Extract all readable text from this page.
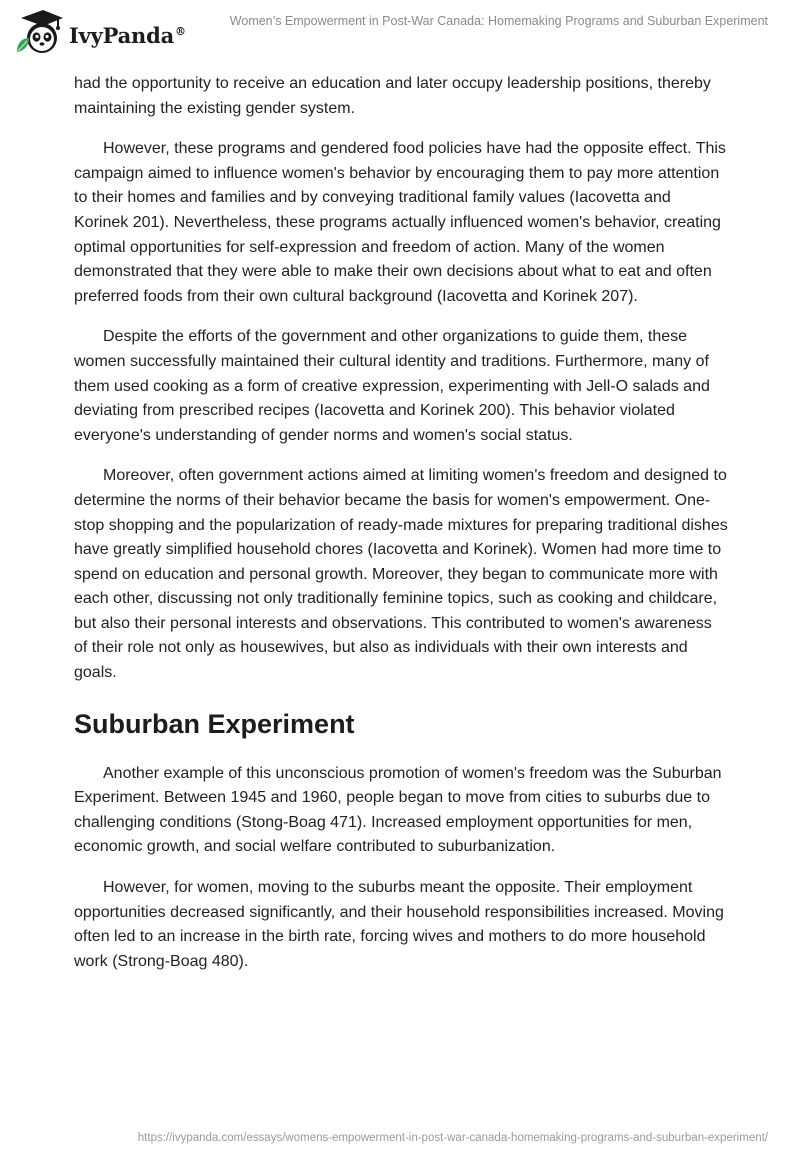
IvyPanda®
Women’s Empowerment in Post-War Canada: Homemaking Programs and Suburban Experiment

had the opportunity to receive an education and later occupy leadership positions, thereby maintaining the existing gender system.

However, these programs and gendered food policies have had the opposite effect. This campaign aimed to influence women's behavior by encouraging them to pay more attention to their homes and families and by conveying traditional family values (Iacovetta and Korinek 201). Nevertheless, these programs actually influenced women's behavior, creating optimal opportunities for self-expression and freedom of action. Many of the women demonstrated that they were able to make their own decisions about what to eat and often preferred foods from their own cultural background (Iacovetta and Korinek 207).

Despite the efforts of the government and other organizations to guide them, these women successfully maintained their cultural identity and traditions. Furthermore, many of them used cooking as a form of creative expression, experimenting with Jell-O salads and deviating from prescribed recipes (Iacovetta and Korinek 200). This behavior violated everyone's understanding of gender norms and women's social status.

Moreover, often government actions aimed at limiting women's freedom and designed to determine the norms of their behavior became the basis for women's empowerment. One-stop shopping and the popularization of ready-made mixtures for preparing traditional dishes have greatly simplified household chores (Iacovetta and Korinek). Women had more time to spend on education and personal growth. Moreover, they began to communicate more with each other, discussing not only traditionally feminine topics, such as cooking and childcare, but also their personal interests and observations. This contributed to women's awareness of their role not only as housewives, but also as individuals with their own interests and goals.

Suburban Experiment

Another example of this unconscious promotion of women's freedom was the Suburban Experiment. Between 1945 and 1960, people began to move from cities to suburbs due to challenging conditions (Stong-Boag 471). Increased employment opportunities for men, economic growth, and social welfare contributed to suburbanization.

However, for women, moving to the suburbs meant the opposite. Their employment opportunities decreased significantly, and their household responsibilities increased. Moving often led to an increase in the birth rate, forcing wives and mothers to do more household work (Strong-Boag 480).

https://ivypanda.com/essays/womens-empowerment-in-post-war-canada-homemaking-programs-and-suburban-experiment/
